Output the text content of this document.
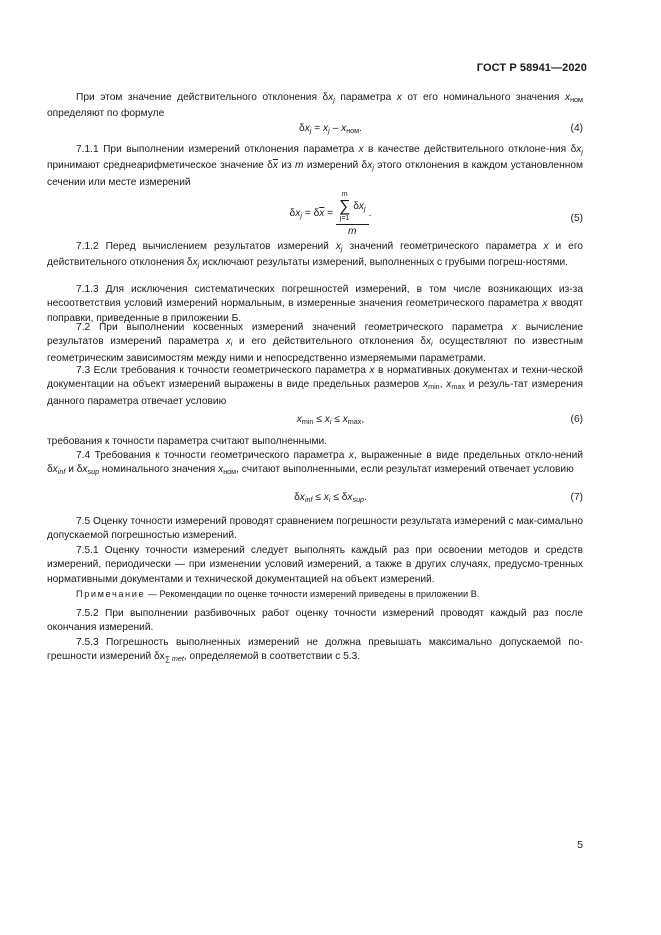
ГОСТ Р 58941—2020

При этом значение действительного отклонения $\delta x_j$ параметра x от его номинального значения $x_{ном}$ определяют по формуле

$\delta x_j = x_j - x_{ном}$.	(4)

7.1.1 При выполнении измерений отклонения параметра x в качестве действительного отклоне-ния $\delta x_j$ принимают среднеарифметическое значение $\delta\overline{x}$ из m измерений $\delta x_j$ этого отклонения в каждом установленном сечении или месте измерений

$\delta x_j = \delta\overline{x} = m$
∑
j=1
$\delta x_j$
m .	(5)

7.1.2 Перед вычислением результатов измерений $x_j$ значений геометрического параметра x и его действительного отклонения $\delta x_j$ исключают результаты измерений, выполненных с грубыми погреш-ностями.

7.1.3 Для исключения систематических погрешностей измерений, в том числе возникающих из-за несоответствия условий измерений нормальным, в измеренные значения геометрического параметра x вводят поправки, приведенные в приложении Б.

7.2 При выполнении косвенных измерений значений геометрического параметра x вычисление результатов измерений параметра $x_i$ и его действительного отклонения $\delta x_i$ осуществляют по известным геометрическим зависимостям между ними и непосредственно измеряемыми параметрами.

7.3 Если требования к точности геометрического параметра x в нормативных документах и техни-ческой документации на объект измерений выражены в виде предельных размеров $x_{min}$, $x_{max}$ и резуль-тат измерения данного параметра отвечает условию

$x_{min} \le x_i \le x_{max}$,	(6)

требования к точности параметра считают выполненными.

7.4 Требования к точности геометрического параметра x, выраженные в виде предельных откло-нений $\delta x_{inf}$ и $\delta x_{sup}$ номинального значения $x_{ном}$, считают выполненными, если результат измерений отвечает условию

$\delta x_{inf} \le x_i \le \delta x_{sup}$.	(7)

7.5 Оценку точности измерений проводят сравнением погрешности результата измерений с мак-симально допускаемой погрешностью измерений.

7.5.1 Оценку точности измерений следует выполнять каждый раз при освоении методов и средств измерений, периодически — при изменении условий измерений, а также в других случаях, предусмо-тренных нормативными документами и технической документацией на объект измерений.

Примечание — Рекомендации по оценке точности измерений приведены в приложении В.

7.5.2 При выполнении разбивочных работ оценку точности измерений проводят каждый раз после окончания измерений.

7.5.3 Погрешность выполненных измерений не должна превышать максимально допускаемой по-грешности измерений $\delta x_{\sum met}$, определяемой в соответствии с 5.3.

5
